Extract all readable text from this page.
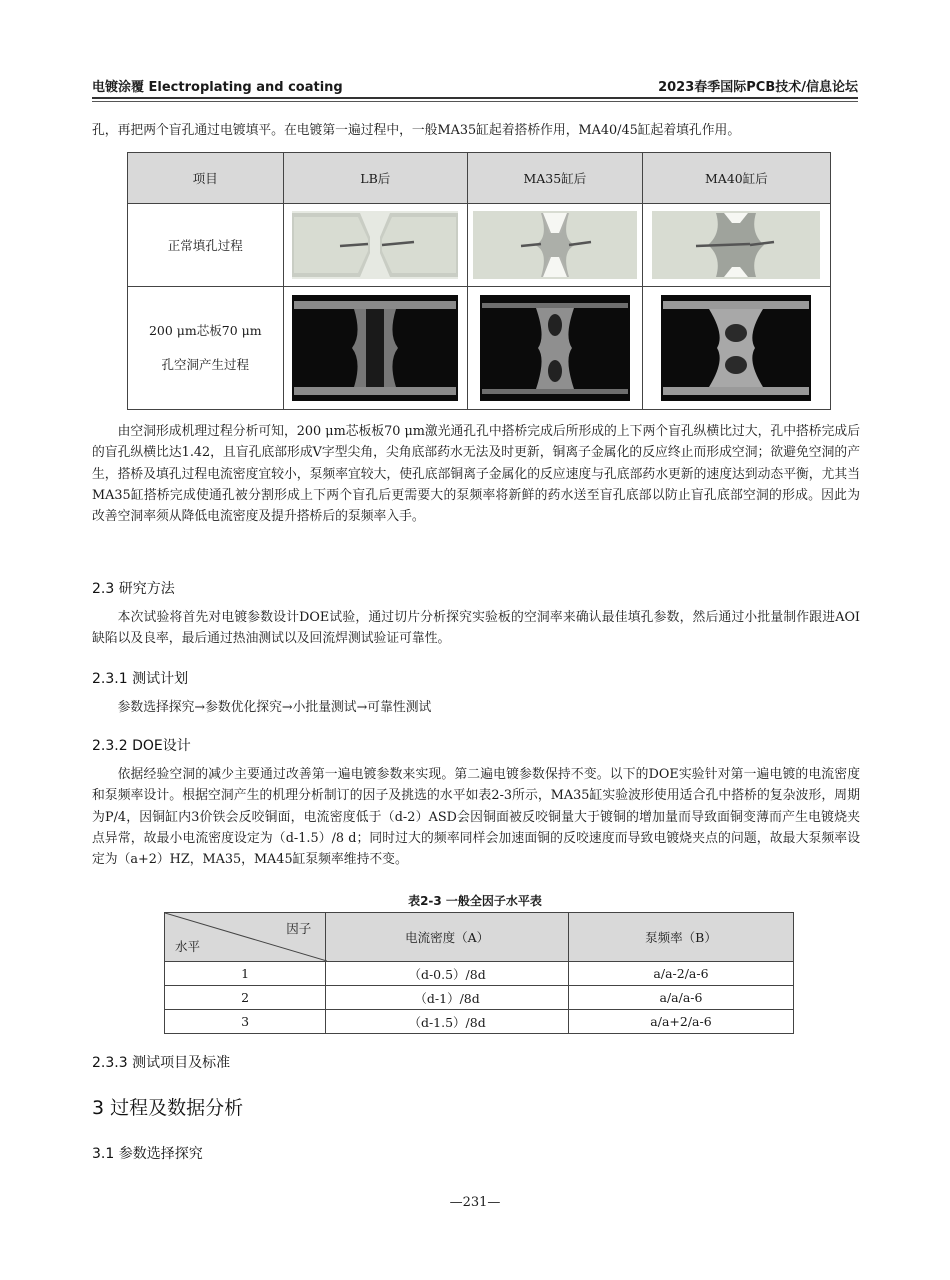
电镀涂覆 Electroplating and coating	2023春季国际PCB技术/信息论坛
孔，再把两个盲孔通过电镀填平。在电镀第一遍过程中，一般MA35缸起着搭桥作用，MA40/45缸起着填孔作用。
项目	LB后	MA35缸后	MA40缸后
正常填孔过程	

200 μm芯板70 μm
孔空洞产生过程

由空洞形成机理过程分析可知，200 μm芯板板70 μm激光通孔孔中搭桥完成后所形成的上下两个盲孔纵横比过大，孔中搭桥完成后的盲孔纵横比达1.42，且盲孔底部形成V字型尖角，尖角底部药水无法及时更新，铜离子金属化的反应终止而形成空洞；欲避免空洞的产生，搭桥及填孔过程电流密度宜较小，泵频率宜较大，使孔底部铜离子金属化的反应速度与孔底部药水更新的速度达到动态平衡，尤其当MA35缸搭桥完成使通孔被分割形成上下两个盲孔后更需要大的泵频率将新鲜的药水送至盲孔底部以防止盲孔底部空洞的形成。因此为改善空洞率须从降低电流密度及提升搭桥后的泵频率入手。
2.3 研究方法
本次试验将首先对电镀参数设计DOE试验，通过切片分析探究实验板的空洞率来确认最佳填孔参数，然后通过小批量制作跟进AOI缺陷以及良率，最后通过热油测试以及回流焊测试验证可靠性。
2.3.1 测试计划
参数选择探究→参数优化探究→小批量测试→可靠性测试
2.3.2 DOE设计
依据经验空洞的减少主要通过改善第一遍电镀参数来实现。第二遍电镀参数保持不变。以下的DOE实验针对第一遍电镀的电流密度和泵频率设计。根据空洞产生的机理分析制订的因子及挑选的水平如表2-3所示，MA35缸实验波形使用适合孔中搭桥的复杂波形，周期为P/4，因铜缸内3价铁会反咬铜面，电流密度低于（d-2）ASD会因铜面被反咬铜量大于镀铜的增加量而导致面铜变薄而产生电镀烧夹点异常，故最小电流密度设定为（d-1.5）/8 d；同时过大的频率同样会加速面铜的反咬速度而导致电镀烧夹点的问题，故最大泵频率设定为（a+2）HZ，MA35，MA45缸泵频率维持不变。
表2-3 一般全因子水平表
因子
水平	电流密度（A）	泵频率（B）
1	（d-0.5）/8d	a/a-2/a-6
2	（d-1）/8d	a/a/a-6
3	（d-1.5）/8d	a/a+2/a-6
2.3.3 测试项目及标准
3 过程及数据分析
3.1 参数选择探究
—231—
